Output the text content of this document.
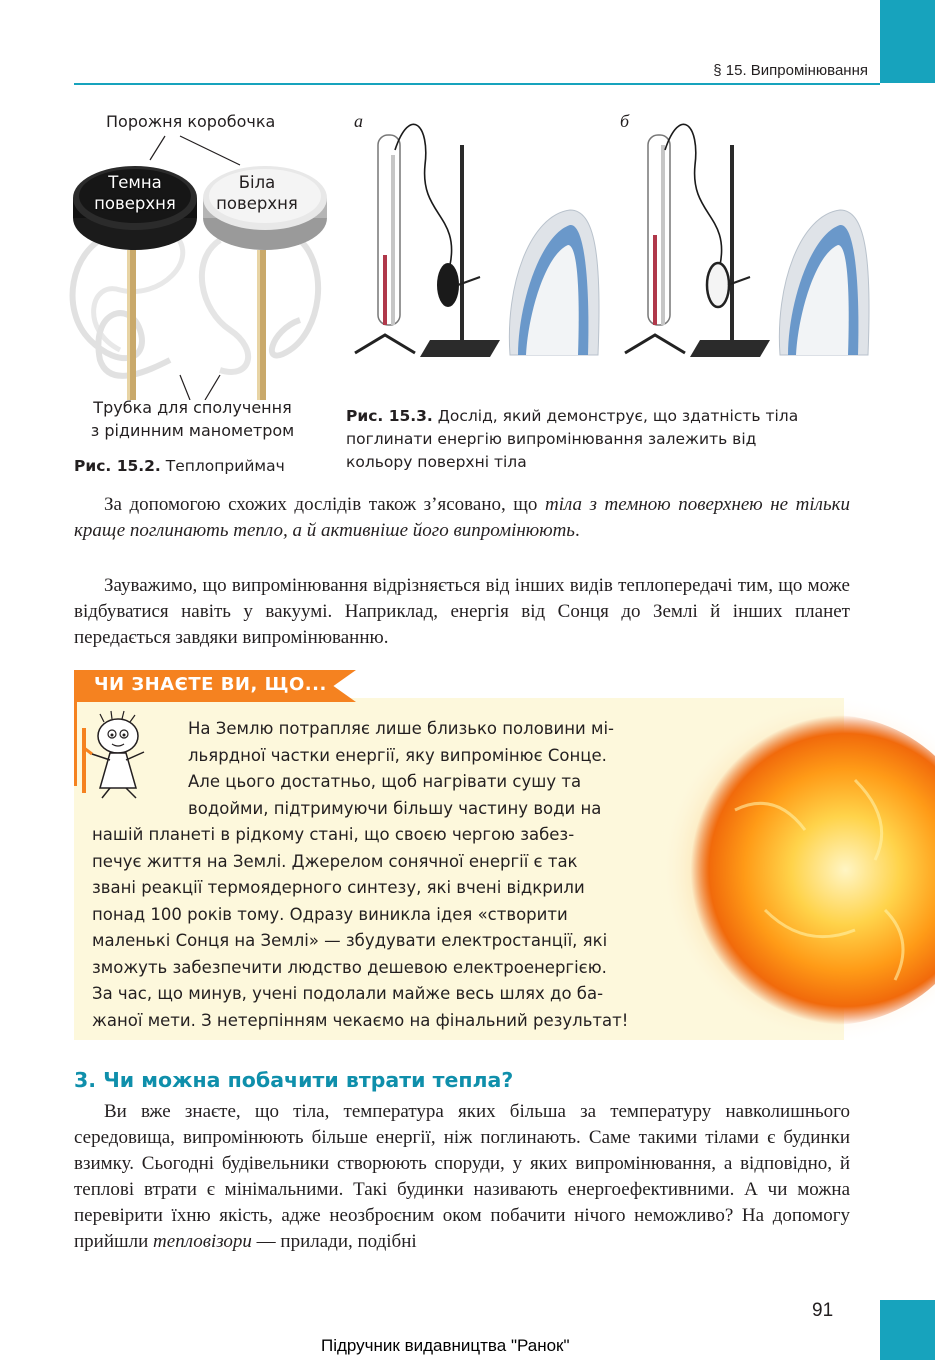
§ 15. Випромінювання
Порожня коробочка
Темна
поверхня
Біла
поверхня
Трубка для сполучення
з рідинним манометром
Рис. 15.2. Теплоприймач
а	б
Рис. 15.3. Дослід, який демонструє, що здатність тіла
поглинати енергію випромінювання залежить від
кольору поверхні тіла
За допомогою схожих дослідів також з’ясовано, що тіла з темною поверхнею не тільки краще поглинають тепло, а й активніше його випромінюють.
Зауважимо, що випромінювання відрізняється від інших видів теплопередачі тим, що може відбуватися навіть у вакуумі. Наприклад, енергія від Сонця до Землі й інших планет передається завдяки випромінюванню.
ЧИ ЗНАЄТЕ ВИ, ЩО...
На Землю потрапляє лише близько половини мі-
льярдної частки енергії, яку випромінює Сонце.
Але цього достатньо, щоб нагрівати сушу та
водойми, підтримуючи більшу частину води на
нашій планеті в рідкому стані, що своєю чергою забез-
печує життя на Землі. Джерелом сонячної енергії є так
звані реакції термоядерного синтезу, які вчені відкрили
понад 100 років тому. Одразу виникла ідея «створити
маленькі Сонця на Землі» — збудувати електростанції, які
зможуть забезпечити людство дешевою електроенергією.
За час, що минув, учені подолали майже весь шлях до ба-
жаної мети. З нетерпінням чекаємо на фінальний результат!
3. Чи можна побачити втрати тепла?
Ви вже знаєте, що тіла, температура яких більша за температуру навколишнього середовища, випромінюють більше енергії, ніж поглинають. Саме такими тілами є будинки взимку. Сьогодні будівельники створюють споруди, у яких випромінювання, а відповідно, й теплові втрати є мінімальними. Такі будинки називають енергоефективними. А чи можна перевірити їхню якість, адже неозброєним оком побачити нічого неможливо? На допомогу прийшли тепловізори — прилади, подібні
91
Підручник видавництва "Ранок"
